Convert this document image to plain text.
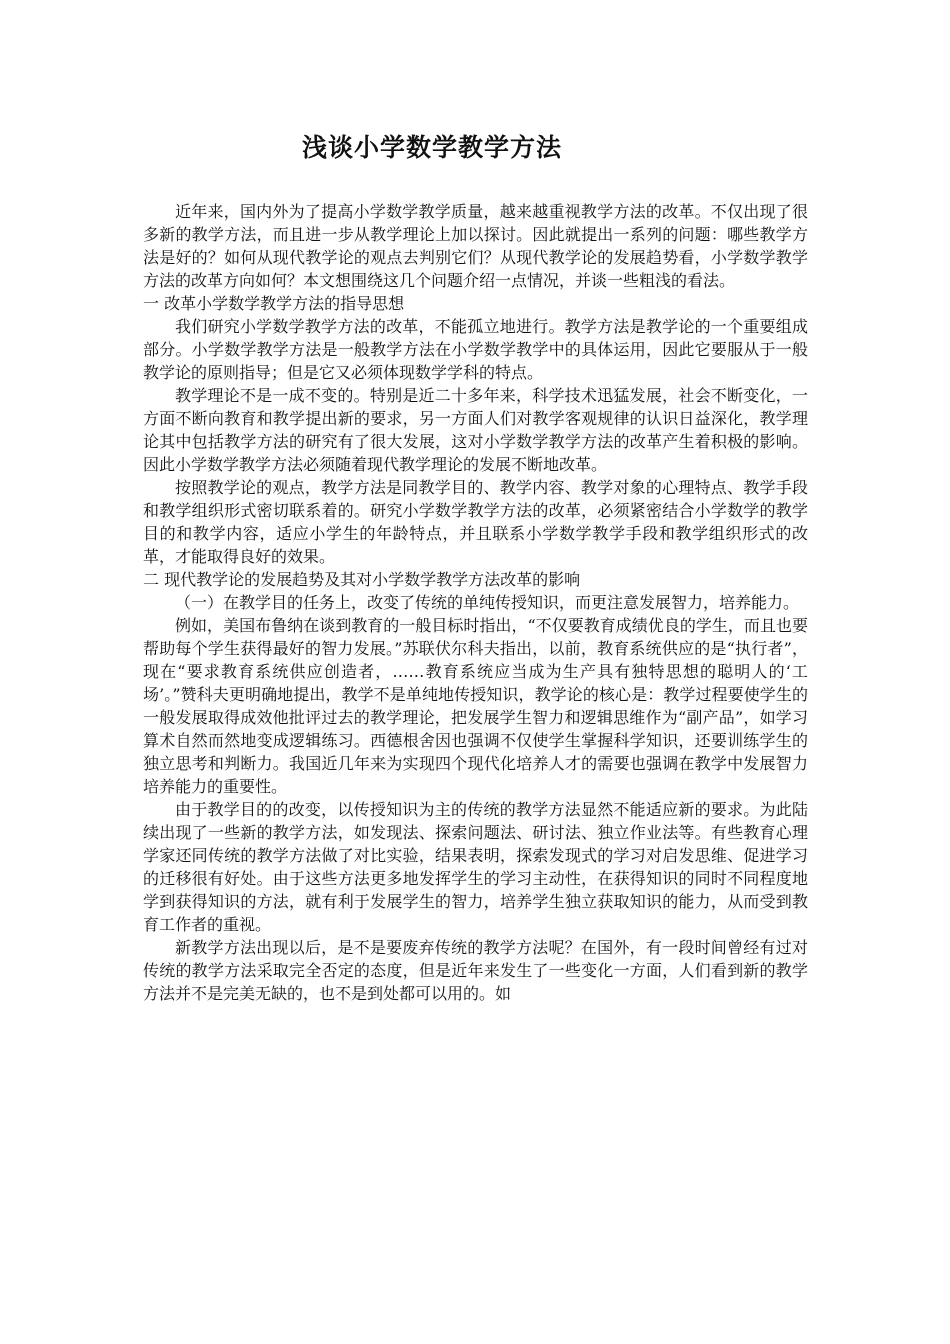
浅谈小学数学教学方法

近年来，国内外为了提高小学数学教学质量，越来越重视教学方法的改革。不仅出现了很多新的教学方法，而且进一步从教学理论上加以探讨。因此就提出一系列的问题：哪些教学方法是好的？如何从现代教学论的观点去判别它们？从现代教学论的发展趋势看，小学数学教学方法的改革方向如何？本文想围绕这几个问题介绍一点情况，并谈一些粗浅的看法。

一 改革小学数学教学方法的指导思想

我们研究小学数学教学方法的改革，不能孤立地进行。教学方法是教学论的一个重要组成部分。小学数学教学方法是一般教学方法在小学数学教学中的具体运用，因此它要服从于一般教学论的原则指导；但是它又必须体现数学学科的特点。

教学理论不是一成不变的。特别是近二十多年来，科学技术迅猛发展，社会不断变化，一方面不断向教育和教学提出新的要求，另一方面人们对教学客观规律的认识日益深化，教学理论其中包括教学方法的研究有了很大发展，这对小学数学教学方法的改革产生着积极的影响。因此小学数学教学方法必须随着现代教学理论的发展不断地改革。

按照教学论的观点，教学方法是同教学目的、教学内容、教学对象的心理特点、教学手段和教学组织形式密切联系着的。研究小学数学教学方法的改革，必须紧密结合小学数学的教学目的和教学内容，适应小学生的年龄特点，并且联系小学数学教学手段和教学组织形式的改革，才能取得良好的效果。

二 现代教学论的发展趋势及其对小学数学教学方法改革的影响

（一）在教学目的任务上，改变了传统的单纯传授知识，而更注意发展智力，培养能力。

例如，美国布鲁纳在谈到教育的一般目标时指出，“不仅要教育成绩优良的学生，而且也要帮助每个学生获得最好的智力发展。”苏联伏尔科夫指出，以前，教育系统供应的是“执行者”，现在“要求教育系统供应创造者，……教育系统应当成为生产具有独特思想的聪明人的‘工场’。”赞科夫更明确地提出，教学不是单纯地传授知识，教学论的核心是：教学过程要使学生的一般发展取得成效他批评过去的教学理论，把发展学生智力和逻辑思维作为“副产品”，如学习算术自然而然地变成逻辑练习。西德根舍因也强调不仅使学生掌握科学知识，还要训练学生的独立思考和判断力。我国近几年来为实现四个现代化培养人才的需要也强调在教学中发展智力培养能力的重要性。

由于教学目的的改变，以传授知识为主的传统的教学方法显然不能适应新的要求。为此陆续出现了一些新的教学方法，如发现法、探索问题法、研讨法、独立作业法等。有些教育心理学家还同传统的教学方法做了对比实验，结果表明，探索发现式的学习对启发思维、促进学习的迁移很有好处。由于这些方法更多地发挥学生的学习主动性，在获得知识的同时不同程度地学到获得知识的方法，就有利于发展学生的智力，培养学生独立获取知识的能力，从而受到教育工作者的重视。

新教学方法出现以后，是不是要废弃传统的教学方法呢？在国外，有一段时间曾经有过对传统的教学方法采取完全否定的态度，但是近年来发生了一些变化一方面，人们看到新的教学方法并不是完美无缺的，也不是到处都可以用的。如
